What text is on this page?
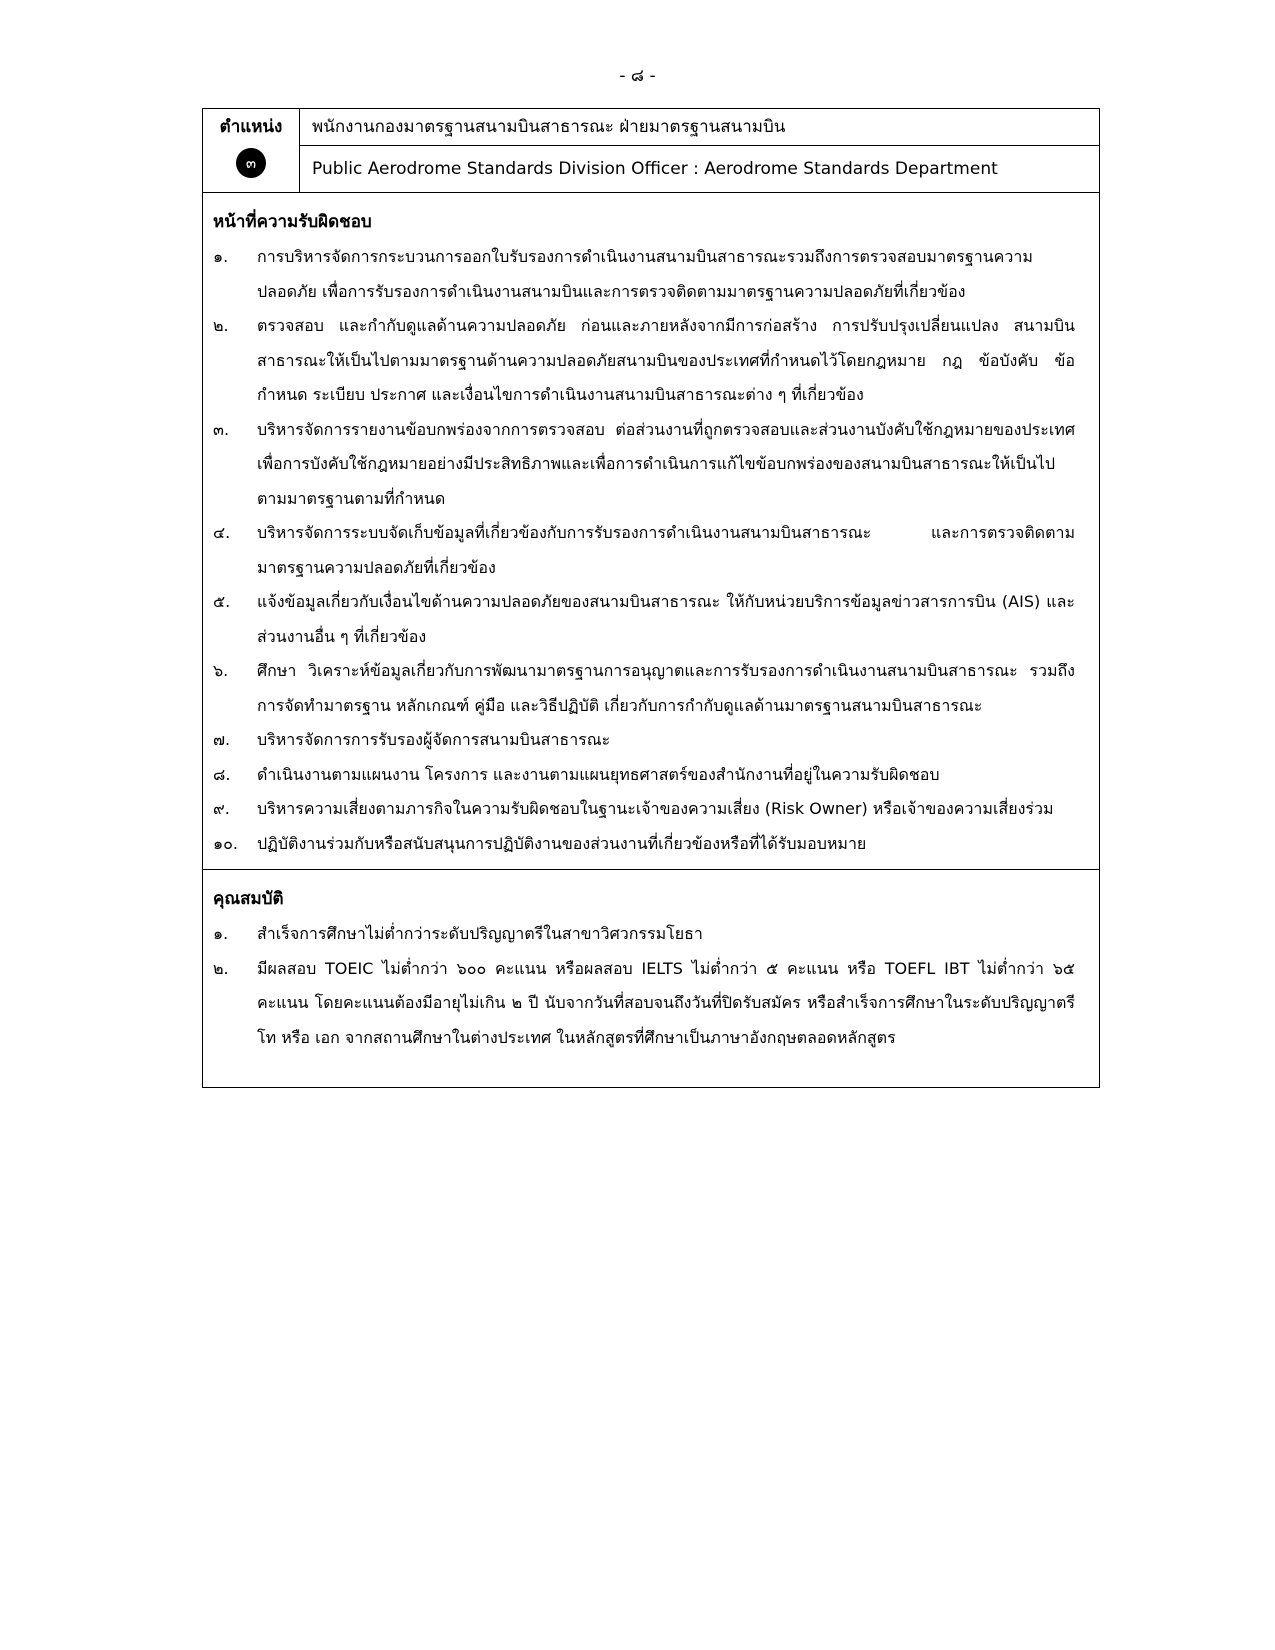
- ๘ -
ตำแหน่ง
๓
พนักงานกองมาตรฐานสนามบินสาธารณะ ฝ่ายมาตรฐานสนามบิน
Public Aerodrome Standards Division Officer : Aerodrome Standards Department
หน้าที่ความรับผิดชอบ
๑.	การบริหารจัดการกระบวนการออกใบรับรองการดำเนินงานสนามบินสาธารณะรวมถึงการตรวจสอบมาตรฐานความปลอดภัย เพื่อการรับรองการดำเนินงานสนามบินและการตรวจติดตามมาตรฐานความปลอดภัยที่เกี่ยวข้อง
๒.	ตรวจสอบ และกำกับดูแลด้านความปลอดภัย ก่อนและภายหลังจากมีการก่อสร้าง การปรับปรุงเปลี่ยนแปลง สนามบินสาธารณะให้เป็นไปตามมาตรฐานด้านความปลอดภัยสนามบินของประเทศที่กำหนดไว้โดยกฎหมาย กฎ ข้อบังคับ ข้อกำหนด ระเบียบ ประกาศ และเงื่อนไขการดำเนินงานสนามบินสาธารณะต่าง ๆ ที่เกี่ยวข้อง
๓.	บริหารจัดการรายงานข้อบกพร่องจากการตรวจสอบ ต่อส่วนงานที่ถูกตรวจสอบและส่วนงานบังคับใช้กฎหมายของประเทศ เพื่อการบังคับใช้กฎหมายอย่างมีประสิทธิภาพและเพื่อการดำเนินการแก้ไขข้อบกพร่องของสนามบินสาธารณะให้เป็นไปตามมาตรฐานตามที่กำหนด
๔.	บริหารจัดการระบบจัดเก็บข้อมูลที่เกี่ยวข้องกับการรับรองการดำเนินงานสนามบินสาธารณะ และการตรวจติดตามมาตรฐานความปลอดภัยที่เกี่ยวข้อง
๕.	แจ้งข้อมูลเกี่ยวกับเงื่อนไขด้านความปลอดภัยของสนามบินสาธารณะ ให้กับหน่วยบริการข้อมูลข่าวสารการบิน (AIS) และส่วนงานอื่น ๆ ที่เกี่ยวข้อง
๖.	ศึกษา วิเคราะห์ข้อมูลเกี่ยวกับการพัฒนามาตรฐานการอนุญาตและการรับรองการดำเนินงานสนามบินสาธารณะ รวมถึงการจัดทำมาตรฐาน หลักเกณฑ์ คู่มือ และวิธีปฏิบัติ เกี่ยวกับการกำกับดูแลด้านมาตรฐานสนามบินสาธารณะ
๗.	บริหารจัดการการรับรองผู้จัดการสนามบินสาธารณะ
๘.	ดำเนินงานตามแผนงาน โครงการ และงานตามแผนยุทธศาสตร์ของสำนักงานที่อยู่ในความรับผิดชอบ
๙.	บริหารความเสี่ยงตามภารกิจในความรับผิดชอบในฐานะเจ้าของความเสี่ยง (Risk Owner) หรือเจ้าของความเสี่ยงร่วม
๑๐.	ปฏิบัติงานร่วมกับหรือสนับสนุนการปฏิบัติงานของส่วนงานที่เกี่ยวข้องหรือที่ได้รับมอบหมาย
คุณสมบัติ
๑.	สำเร็จการศึกษาไม่ต่ำกว่าระดับปริญญาตรีในสาขาวิศวกรรมโยธา
๒.	มีผลสอบ TOEIC ไม่ต่ำกว่า ๖๐๐ คะแนน หรือผลสอบ IELTS ไม่ต่ำกว่า ๕ คะแนน หรือ TOEFL IBT ไม่ต่ำกว่า ๖๕ คะแนน โดยคะแนนต้องมีอายุไม่เกิน ๒ ปี นับจากวันที่สอบจนถึงวันที่ปิดรับสมัคร หรือสำเร็จการศึกษาในระดับปริญญาตรี โท หรือ เอก จากสถานศึกษาในต่างประเทศ ในหลักสูตรที่ศึกษาเป็นภาษาอังกฤษตลอดหลักสูตร
